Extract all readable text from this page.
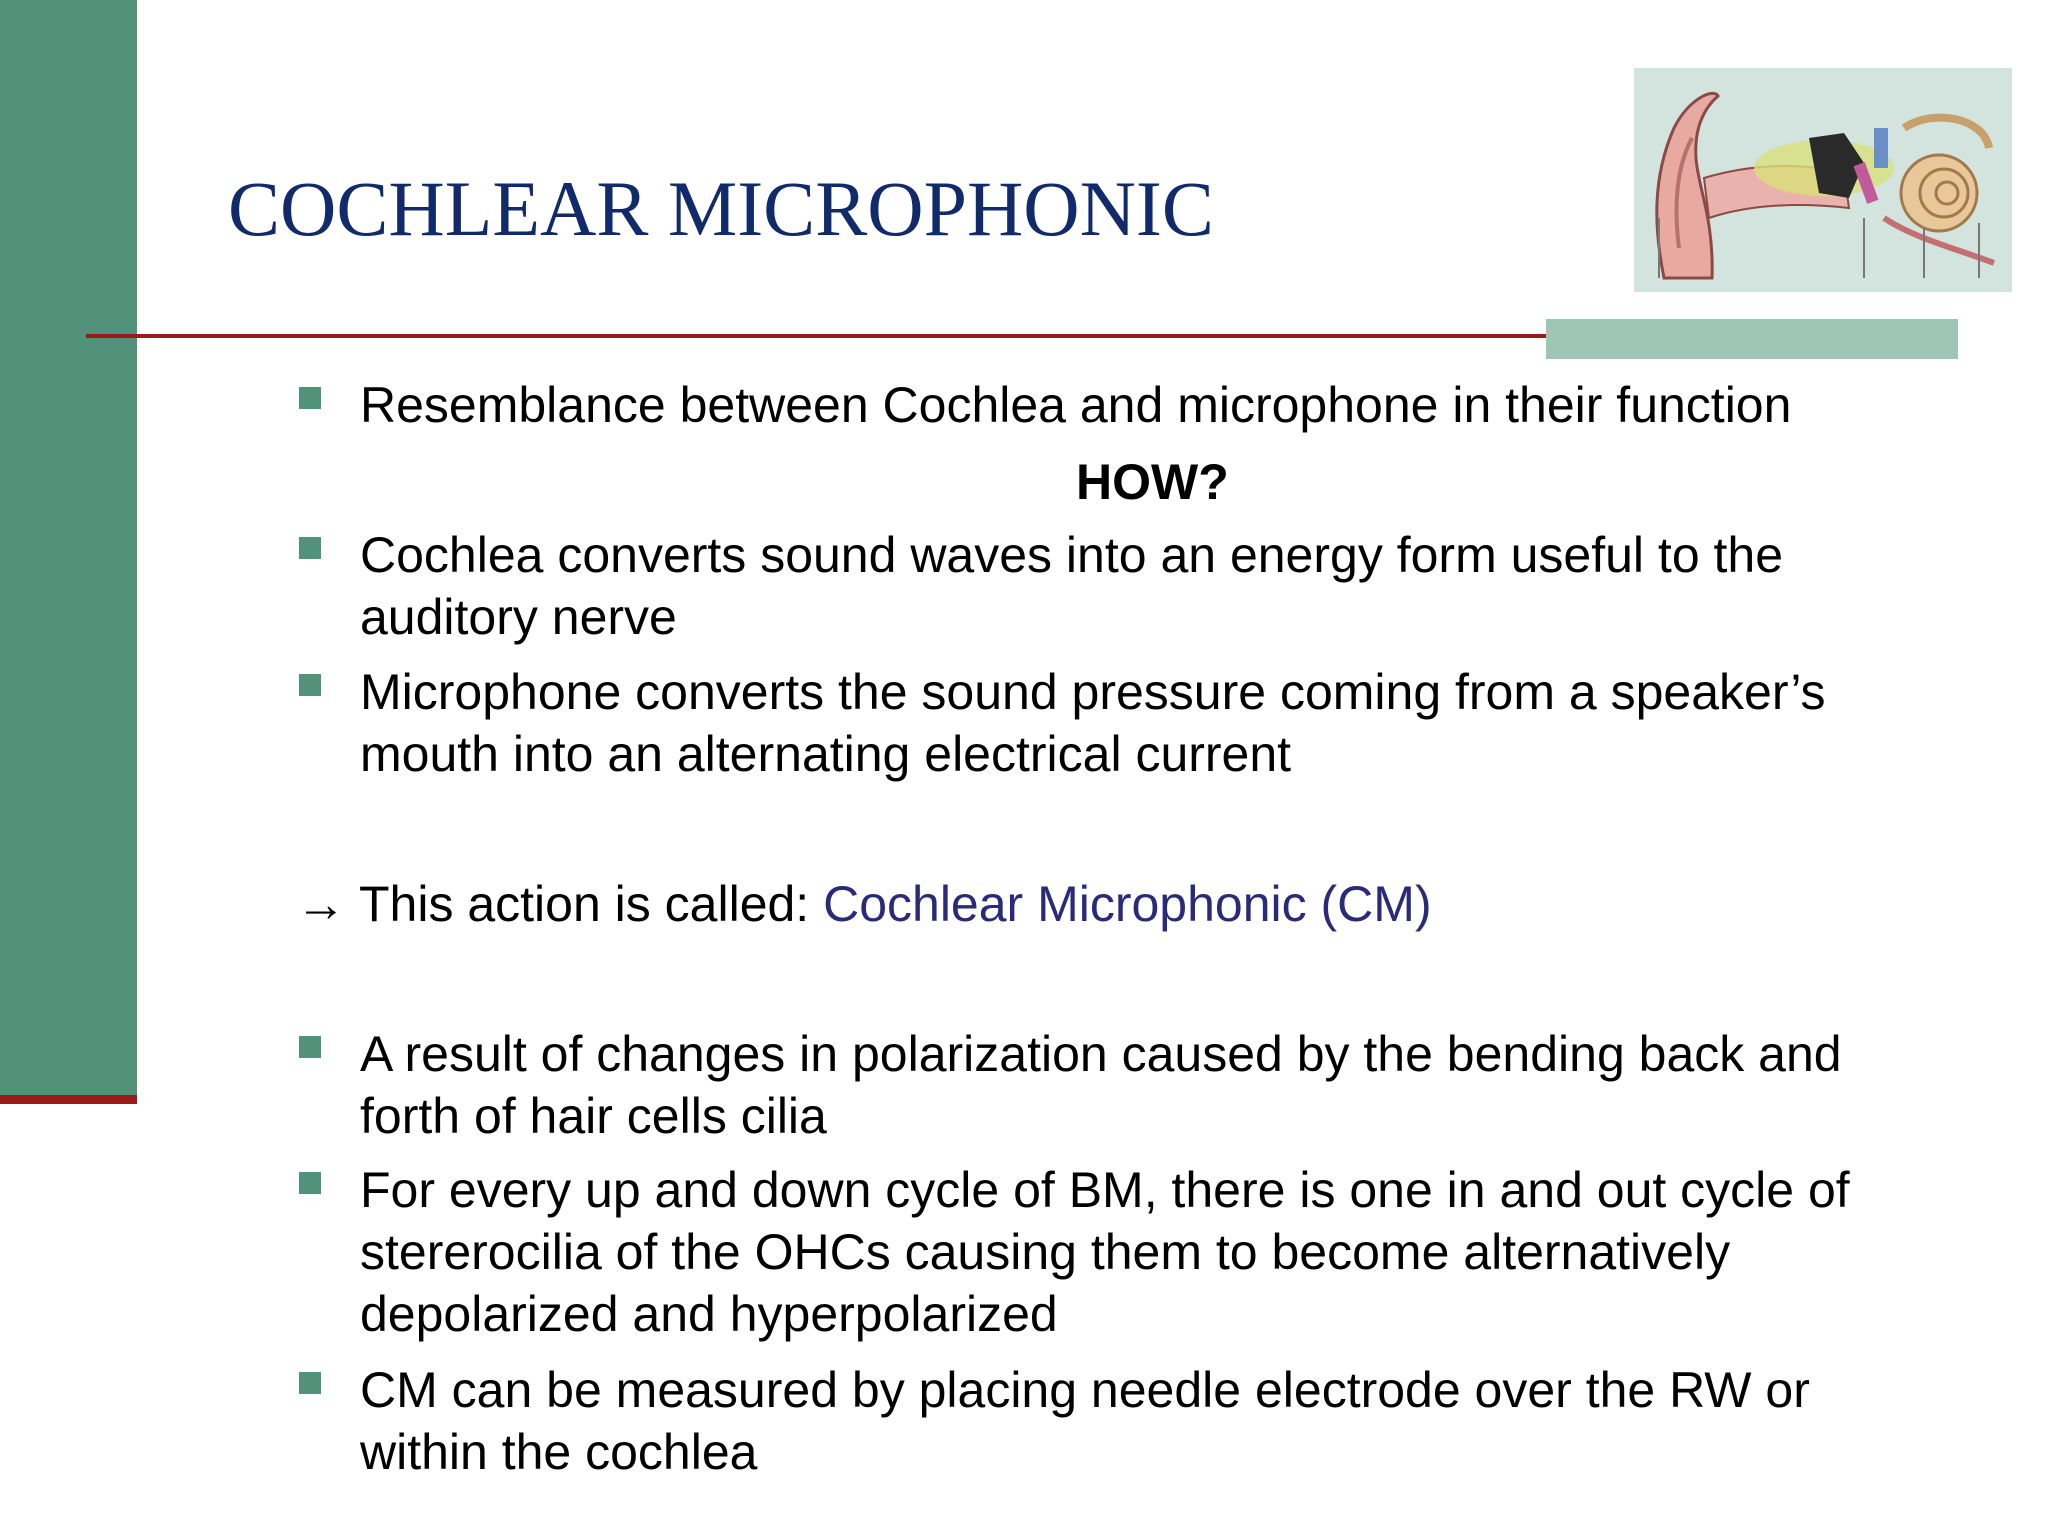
COCHLEAR MICROPHONIC
Resemblance between Cochlea and microphone in their function
HOW?
Cochlea converts sound waves into an energy form useful to the auditory nerve
Microphone converts the sound pressure coming from a speaker’s mouth into an alternating electrical current
→ This action is called: Cochlear Microphonic (CM)
A result of changes in polarization caused by the bending back and forth of hair cells cilia
For every up and down cycle of BM, there is one in and out cycle of stererocilia of the OHCs causing them to become alternatively depolarized and hyperpolarized
CM can be measured by placing needle electrode over the RW or within the cochlea
